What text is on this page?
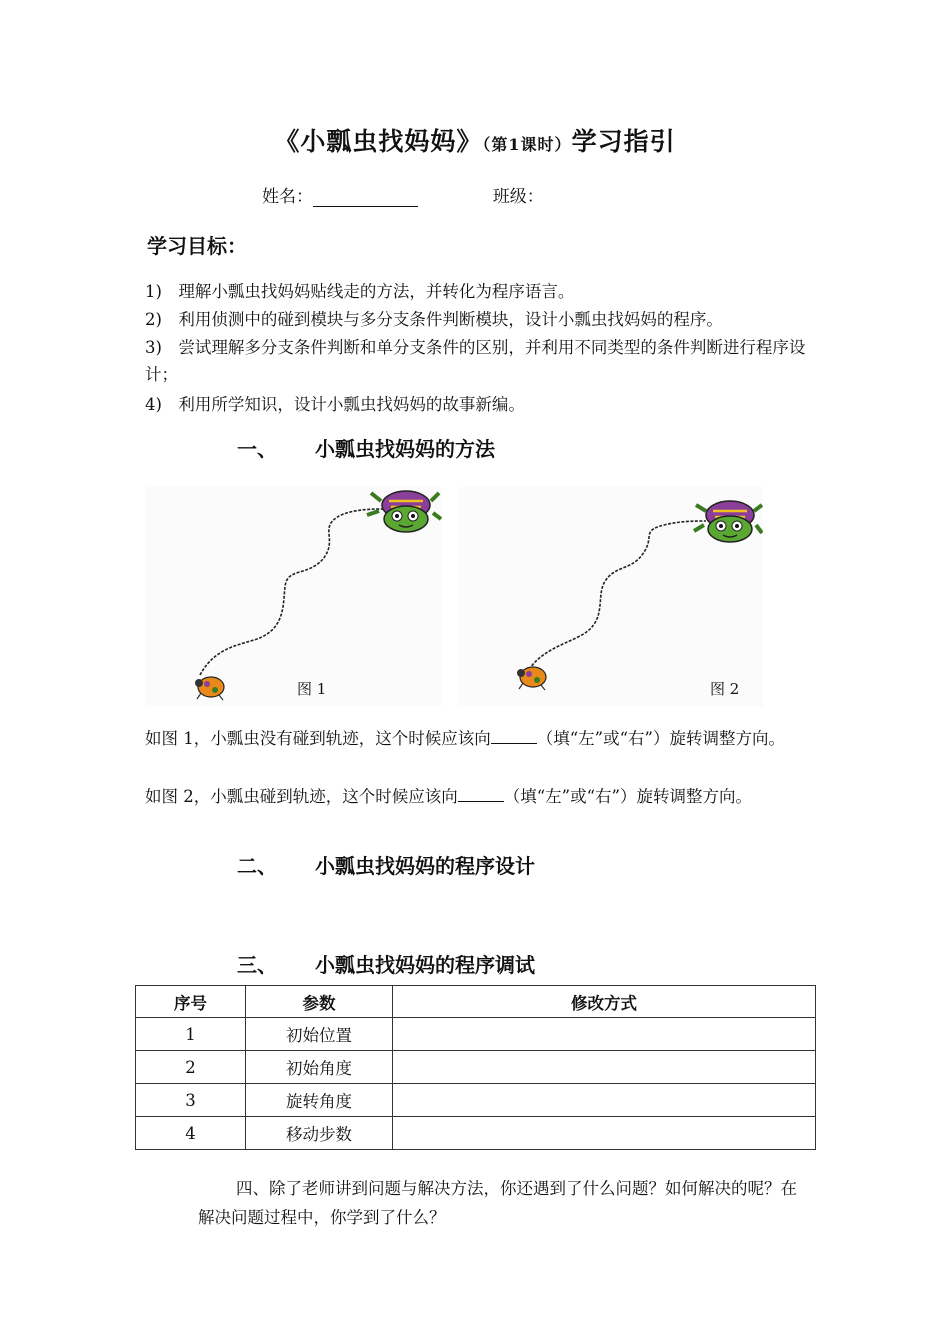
《小瓢虫找妈妈》（第1课时）学习指引
姓名：	班级：
学习目标：
1) 理解小瓢虫找妈妈贴线走的方法，并转化为程序语言。
2) 利用侦测中的碰到模块与多分支条件判断模块，设计小瓢虫找妈妈的程序。
3) 尝试理解多分支条件判断和单分支条件的区别，并利用不同类型的条件判断进行程序设计；
4) 利用所学知识，设计小瓢虫找妈妈的故事新编。
一、 小瓢虫找妈妈的方法
图 1	图 2
如图 1，小瓢虫没有碰到轨迹，这个时候应该向	（填“左”或“右”）旋转调整方向。
如图 2，小瓢虫碰到轨迹，这个时候应该向	（填“左”或“右”）旋转调整方向。
二、 小瓢虫找妈妈的程序设计
三、 小瓢虫找妈妈的程序调试
序号	参数	修改方式
1	初始位置	
2	初始角度	
3	旋转角度	
4	移动步数	
四、除了老师讲到问题与解决方法，你还遇到了什么问题？如何解决的呢？在解决问题过程中，你学到了什么？
